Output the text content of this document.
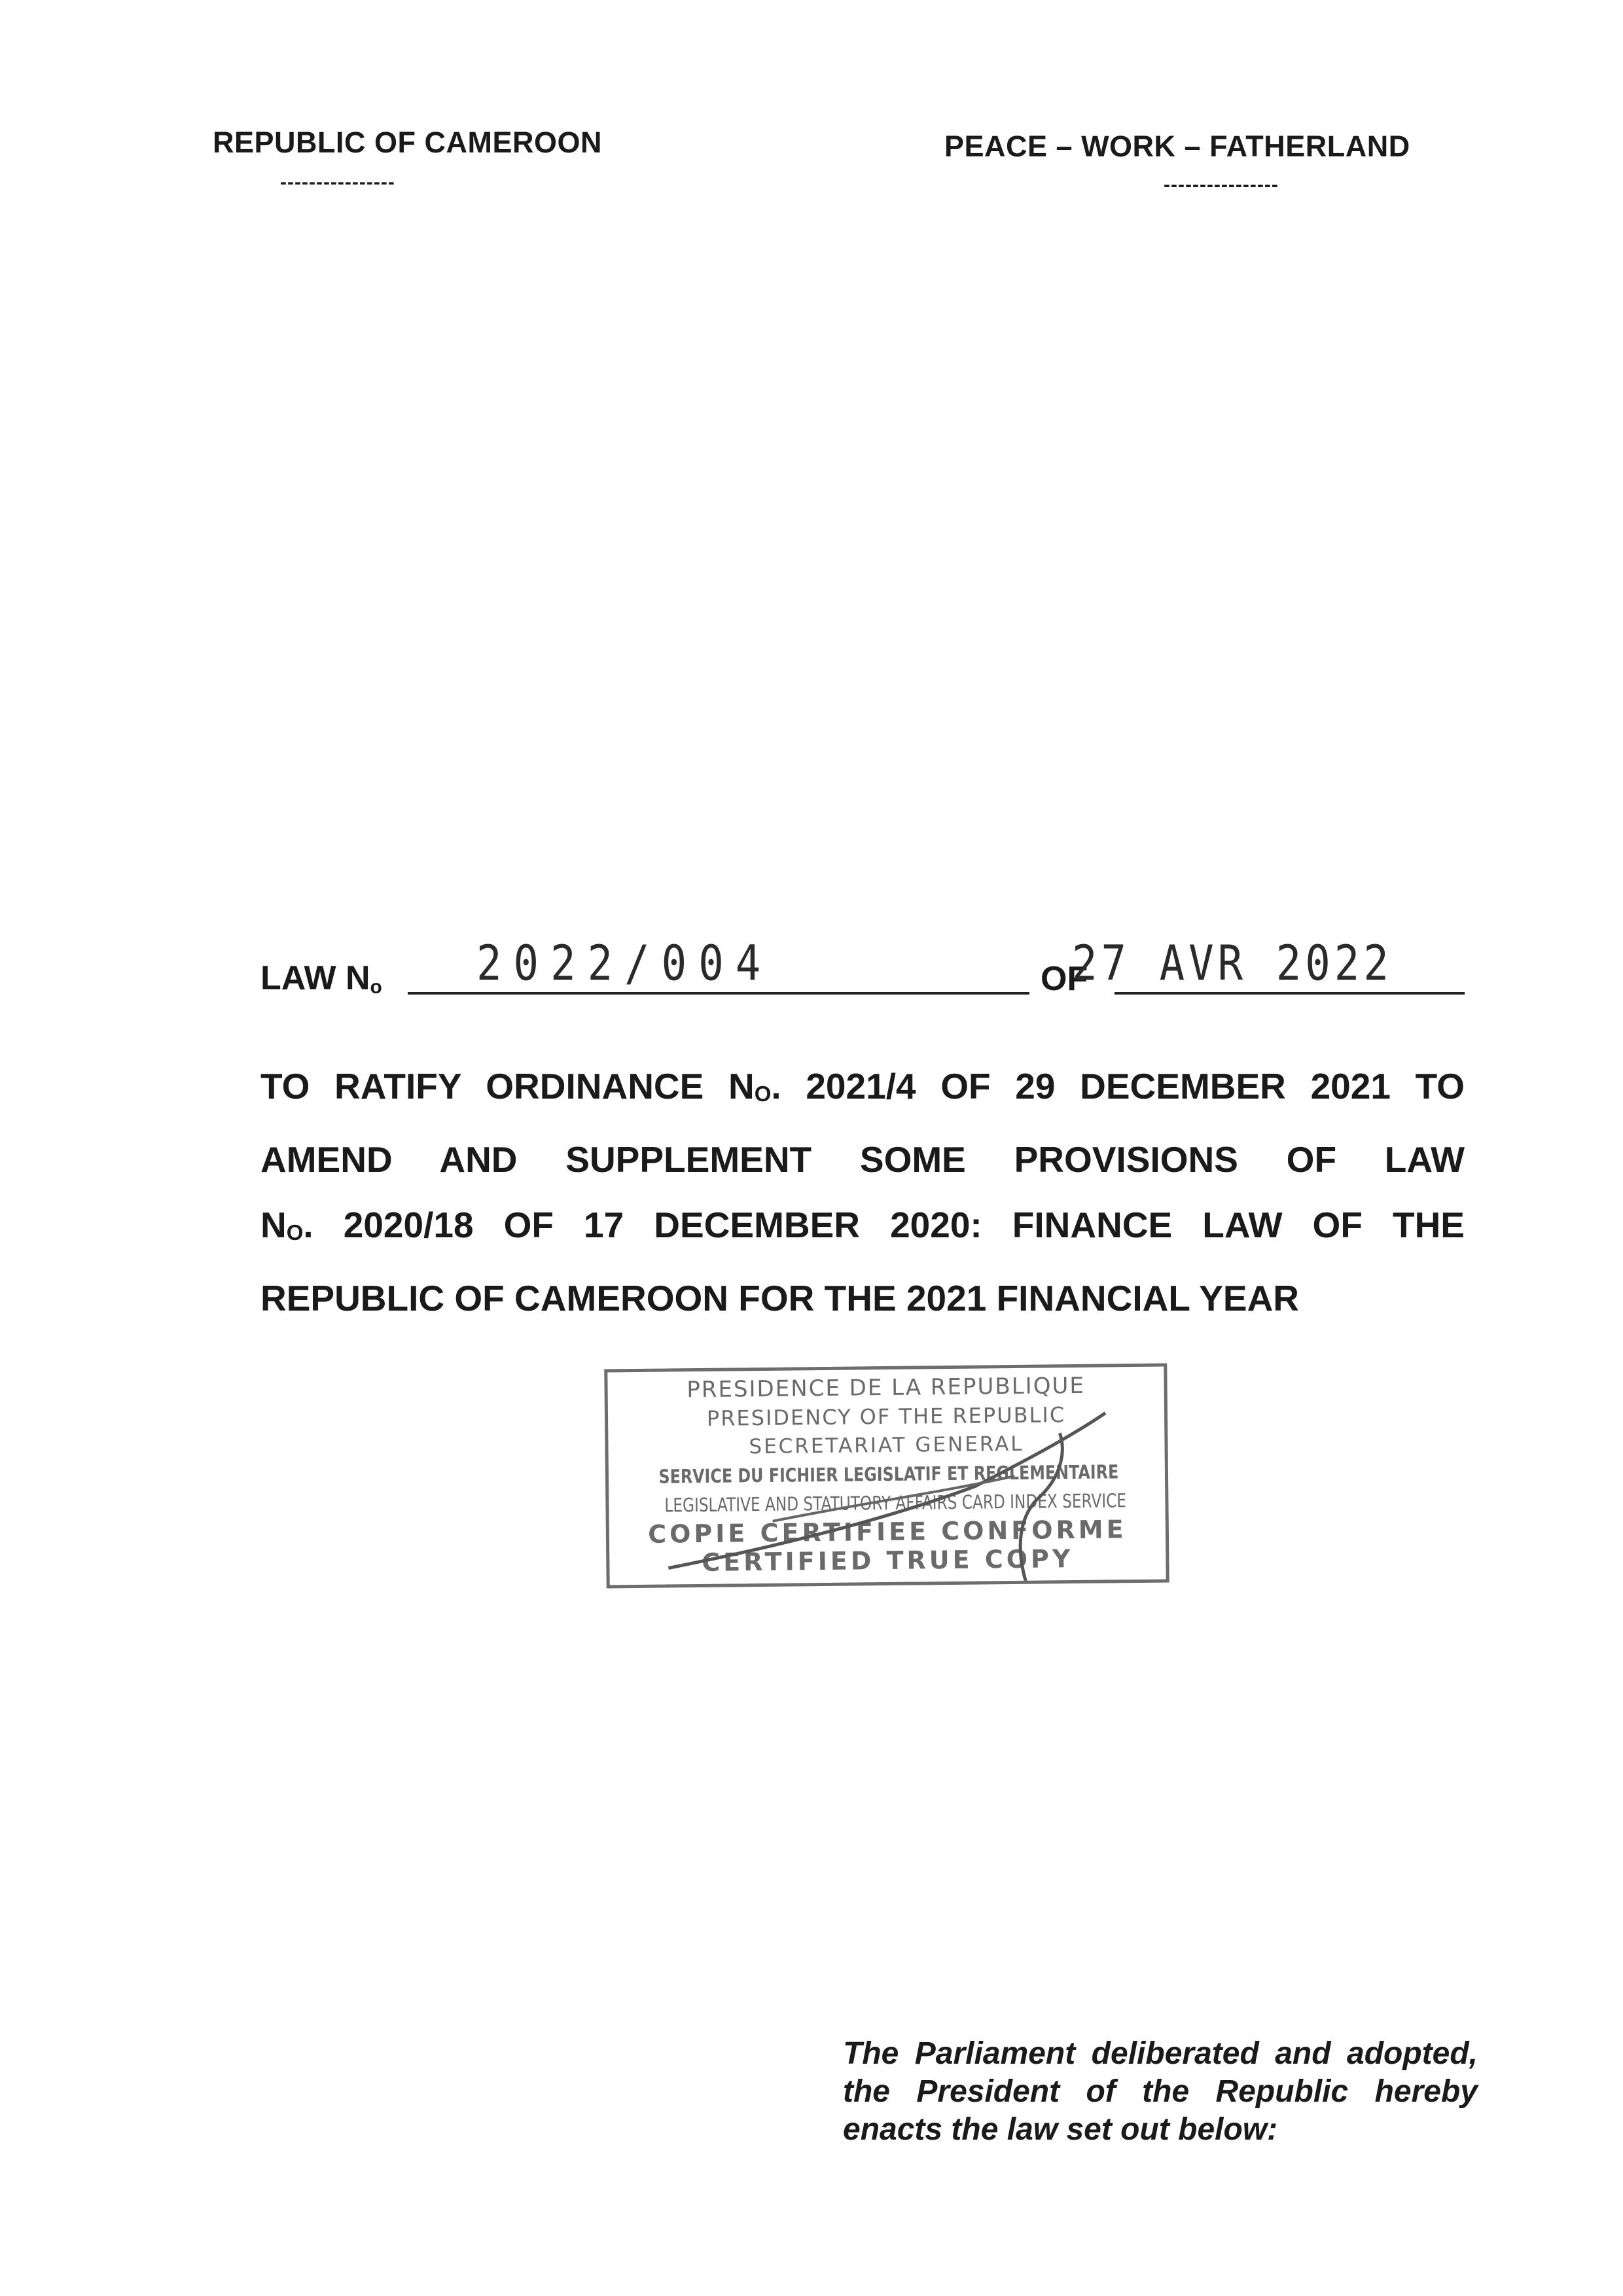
REPUBLIC OF CAMEROON
----------------
PEACE – WORK – FATHERLAND
----------------
LAW $N_o$ 2022/004	OF
27 AVR 2022

TO RATIFY ORDINANCE $N_O$. 2021/4 OF 29 DECEMBER 2021 TO

AMEND AND SUPPLEMENT SOME PROVISIONS OF LAW

$N_O$. 2020/18 OF 17 DECEMBER 2020: FINANCE LAW OF THE

REPUBLIC OF CAMEROON FOR THE 2021 FINANCIAL YEAR

PRESIDENCE DE LA REPUBLIQUE
PRESIDENCY OF THE REPUBLIC
SECRETARIAT GENERAL
SERVICE DU FICHIER LEGISLATIF ET REGLEMENTAIRE
LEGISLATIVE AND STATUTORY AFFAIRS CARD INDEX SERVICE
COPIE CERTIFIEE CONFORME
CERTIFIED TRUE COPY

The Parliament deliberated and adopted,

the President of the Republic hereby

enacts the law set out below:
